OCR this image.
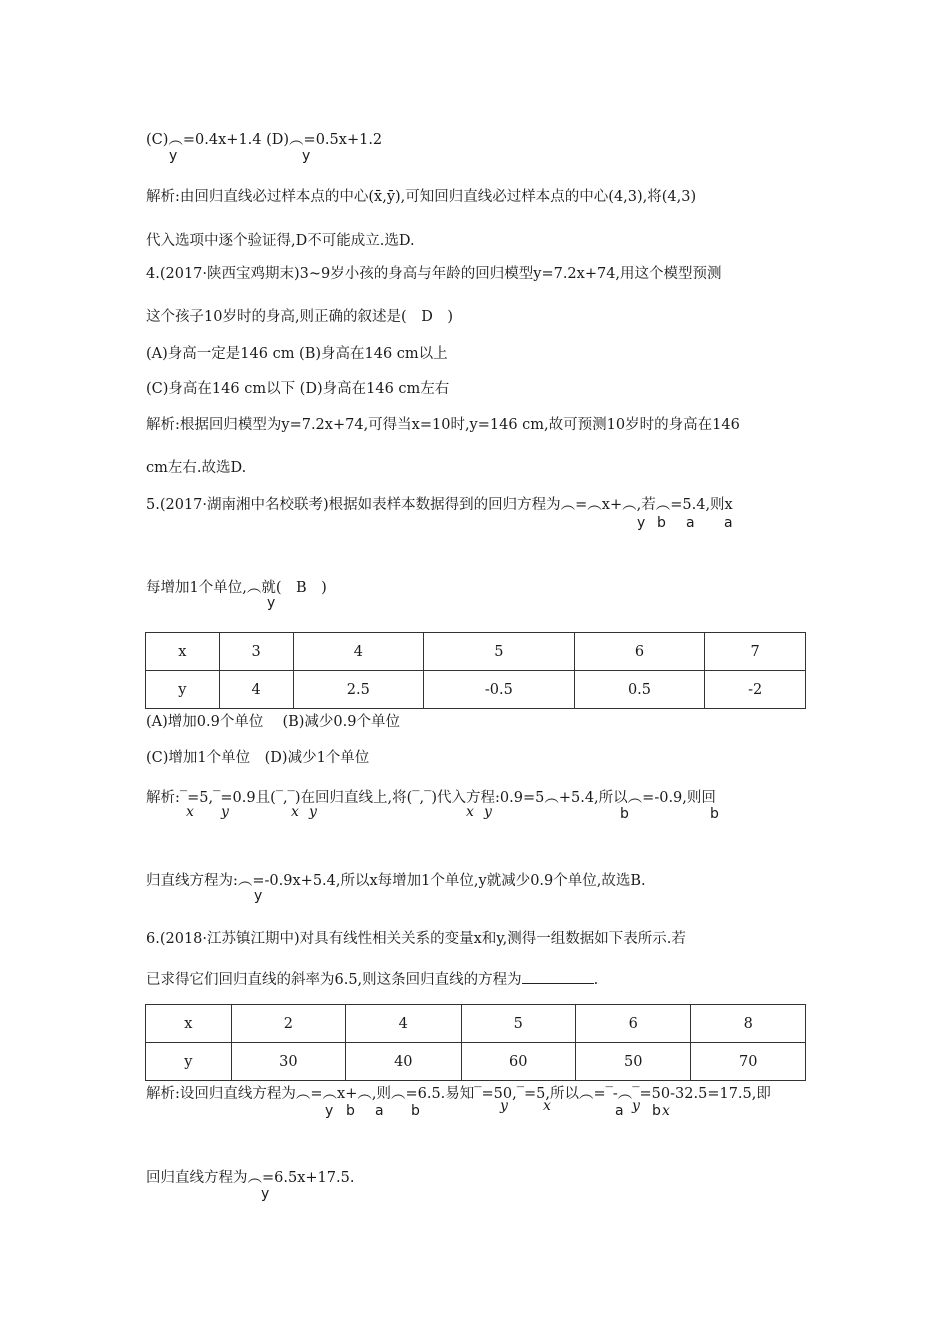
(C)︵=0.4x+1.4 (D)︵=0.5x+1.2
y	y
解析:由回归直线必过样本点的中心(x̄,ȳ),可知回归直线必过样本点的中心(4,3),将(4,3)
代入选项中逐个验证得,D不可能成立.选D.
4.(2017·陕西宝鸡期末)3~9岁小孩的身高与年龄的回归模型y=7.2x+74,用这个模型预测
这个孩子10岁时的身高,则正确的叙述是(　D　)
(A)身高一定是146 cm (B)身高在146 cm以上
(C)身高在146 cm以下 (D)身高在146 cm左右
解析:根据回归模型为y=7.2x+74,可得当x=10时,y=146 cm,故可预测10岁时的身高在146
cm左右.故选D.
5.(2017·湖南湘中名校联考)根据如表样本数据得到的回归方程为︵=︵x+︵,若︵=5.4,则x
y b a a
每增加1个单位,︵就(　B　)
y
x	3	4	5	6	7
y	4	2.5	-0.5	0.5	-2
(A)增加0.9个单位　 (B)减少0.9个单位
(C)增加1个单位　(D)减少1个单位
解析:‾=5,‾=0.9且(‾,‾)在回归直线上,将(‾,‾)代入方程:0.9=5︵+5.4,所以︵=-0.9,则回
x y	x y	x y	b	b
归直线方程为:︵=-0.9x+5.4,所以x每增加1个单位,y就减少0.9个单位,故选B.
y
6.(2018·江苏镇江期中)对具有线性相关关系的变量x和y,测得一组数据如下表所示.若
已求得它们回归直线的斜率为6.5,则这条回归直线的方程为	.
x	2	4	5	6	8
y	30	40	60	50	70
解析:设回归直线方程为︵=︵x+︵,则︵=6.5.易知‾=50,‾=5,所以︵=‾-︵‾=50-32.5=17.5,即
y b a b	y	x	a y b x
回归直线方程为︵=6.5x+17.5.
y
